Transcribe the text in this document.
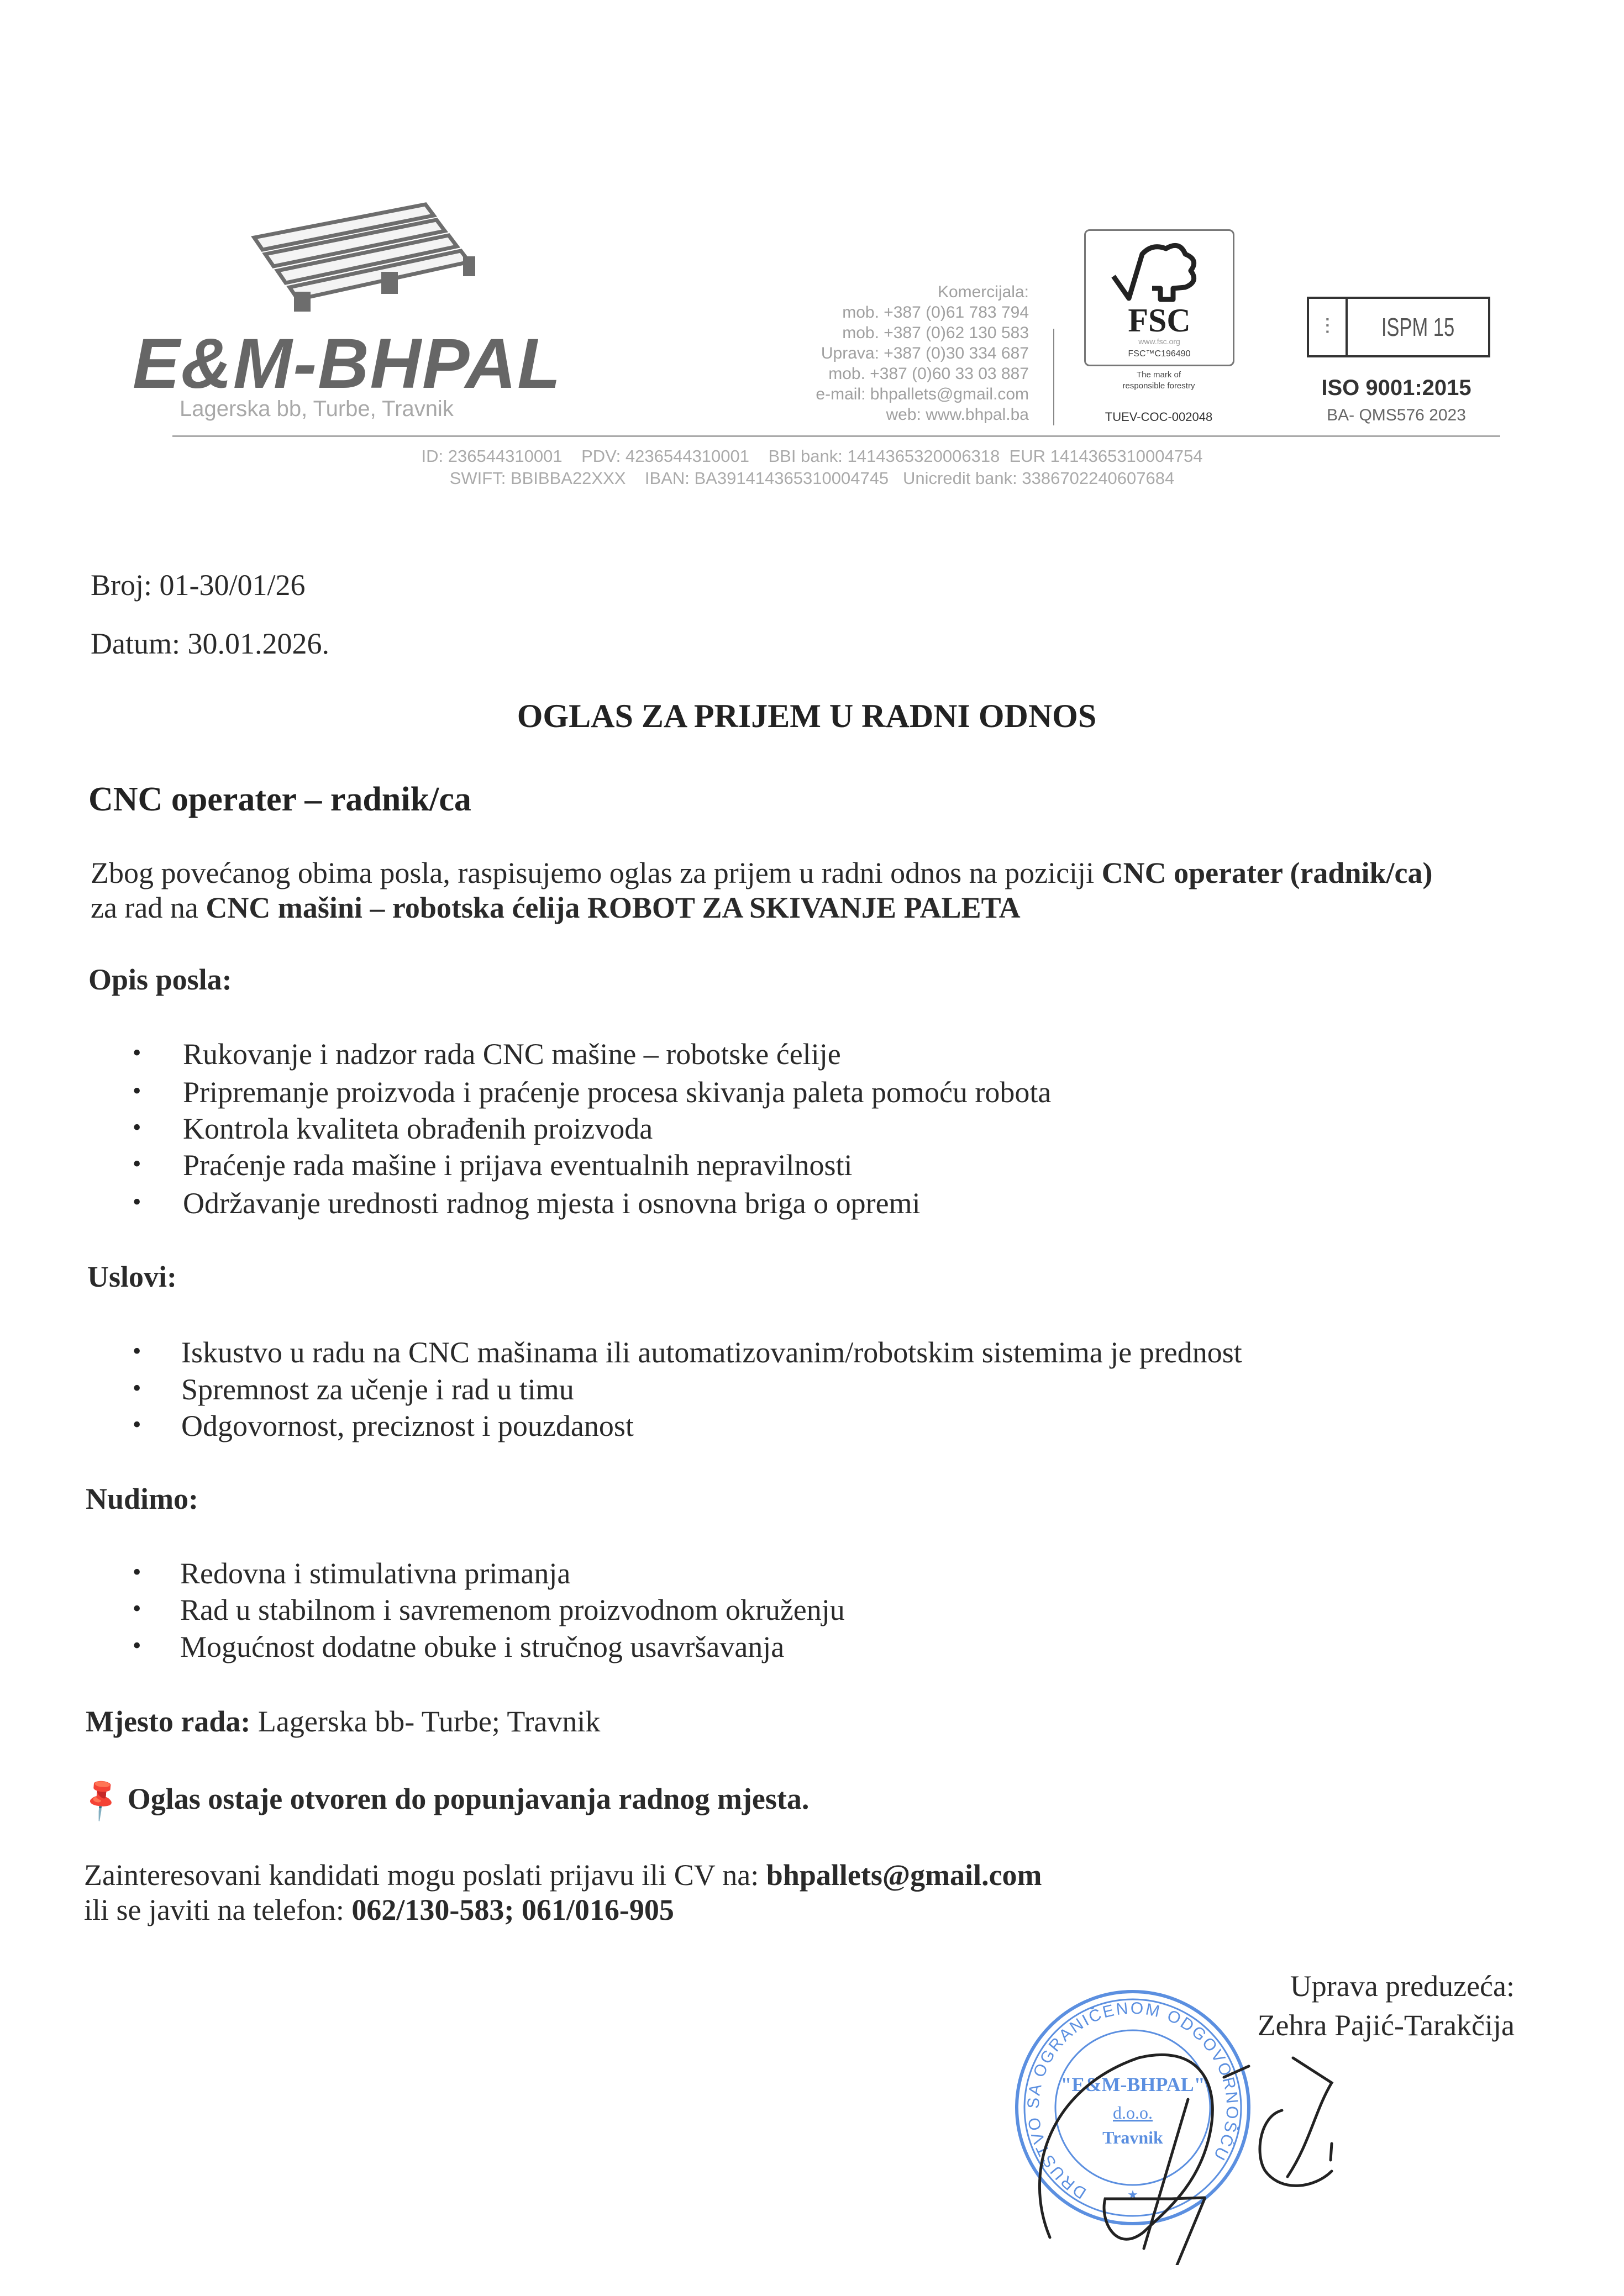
E&M-BHPAL
Lagerska bb, Turbe, Travnik
Komercijala:
mob. +387 (0)61 783 794
mob. +387 (0)62 130 583
Uprava: +387 (0)30 334 687
mob. +387 (0)60 33 03 887
e-mail: bhpallets@gmail.com
web: www.bhpal.ba
FSC
www.fsc.org
FSC™C196490
The mark of
responsible forestry
TUEV-COC-002048
⫶	ISPM 15
ISO 9001:2015
BA- QMS576 2023
ID: 236544310001    PDV: 4236544310001    BBI bank: 1414365320006318  EUR 1414365310004754
SWIFT: BBIBBA22XXX    IBAN: BA391414365310004745   Unicredit bank: 3386702240607684
Broj: 01-30/01/26
Datum: 30.01.2026.
OGLAS ZA PRIJEM U RADNI ODNOS
CNC operater – radnik/ca
Zbog povećanog obima posla, raspisujemo oglas za prijem u radni odnos na poziciji CNC operater (radnik/ca)
za rad na CNC mašini – robotska ćelija ROBOT ZA SKIVANJE PALETA
Opis posla:
• Rukovanje i nadzor rada CNC mašine – robotske ćelije
• Pripremanje proizvoda i praćenje procesa skivanja paleta pomoću robota
• Kontrola kvaliteta obrađenih proizvoda
• Praćenje rada mašine i prijava eventualnih nepravilnosti
• Održavanje urednosti radnog mjesta i osnovna briga o opremi
Uslovi:
• Iskustvo u radu na CNC mašinama ili automatizovanim/robotskim sistemima je prednost
• Spremnost za učenje i rad u timu
• Odgovornost, preciznost i pouzdanost
Nudimo:
• Redovna i stimulativna primanja
• Rad u stabilnom i savremenom proizvodnom okruženju
• Mogućnost dodatne obuke i stručnog usavršavanja
Mjesto rada: Lagerska bb- Turbe; Travnik
📌 Oglas ostaje otvoren do popunjavanja radnog mjesta.
Zainteresovani kandidati mogu poslati prijavu ili CV na: bhpallets@gmail.com
ili se javiti na telefon: 062/130-583; 061/016-905
Uprava preduzeća:
Zehra Pajić-Tarakčija
DRUŠTVO SA OGRANIČENOM ODGOVORNOŠĆU
"E&M-BHPAL"
d.o.o.
Travnik
★
